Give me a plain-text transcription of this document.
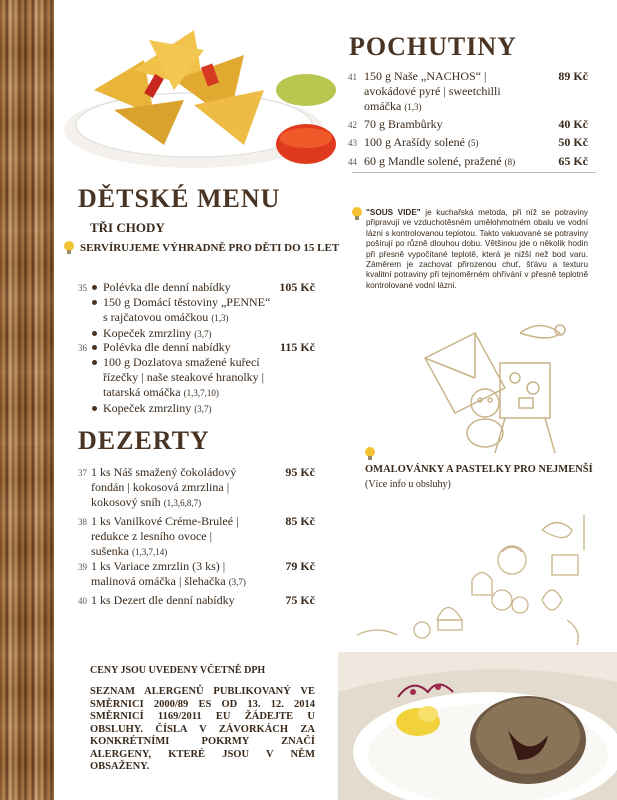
POCHUTINY
41 150 g Naše „NACHOS“ |
avokádové pyré | sweetchilli
omáčka (1,3)
89 Kč
42 70 g Brambůrky	40 Kč
43 100 g Arašídy solené (5)	50 Kč
44 60 g Mandle solené, pražené (8)	65 Kč
DĚTSKÉ MENU
TŘI CHODY
SERVÍRUJEME VÝHRADNĚ PRO DĚTI DO 15 LET
35	105 Kč
Polévka dle denní nabídky
150 g Domácí těstoviny „PENNE“
s rajčatovou omáčkou (1,3)
Kopeček zmrzliny (3,7)
36	115 Kč
Polévka dle denní nabídky
100 g Dozlatova smažené kuřecí
řízečky | naše steakové hranolky |
tatarská omáčka (1,3,7,10)
Kopeček zmrzliny (3,7)
DEZERTY
37 1 ks Náš smažený čokoládový
fondán | kokosová zmrzlina |
kokosový sníh (1,3,6,8,7)
95 Kč
38 1 ks Vanilkové Créme-Bruleé |
redukce z lesního ovoce |
sušenka (1,3,7,14)
85 Kč
39 1 ks Variace zmrzlin (3 ks) |
malinová omáčka | šlehačka (3,7)
79 Kč
40 1 ks Dezert dle denní nabídky	75 Kč
"SOUS VIDE" je kuchařská metoda, při níž se potraviny připravují ve vzduchotěsném umělohmotném obalu ve vodní lázni s kontrolovanou teplotou. Takto vakuované se potraviny pošírují po různě dlouhou dobu. Většinou jde o několik hodin při přesně vypočítané teplotě, která je nižší než bod varu. Záměrem je zachovat přirozenou chuť, šťávu a texturu kvalitní potraviny při tejnoměrném ohřívání v přesně teplotně kontrolované vodní lázni.
OMALOVÁNKY A PASTELKY PRO NEJMENŠÍ
(Více info u obsluhy)
CENY JSOU UVEDENY VČETNĚ DPH
SEZNAM ALERGENŮ PUBLIKOVANÝ VE SMĚRNICI 2000/89 ES OD 13. 12. 2014 SMĚRNICÍ 1169/2011 EU ŽÁDEJTE U OBSLUHY. ČÍSLA V ZÁVORKÁCH ZA KONKRÉTNÍMI POKRMY ZNAČÍ ALERGENY, KTERÉ JSOU V NĚM OBSAŽENY.
